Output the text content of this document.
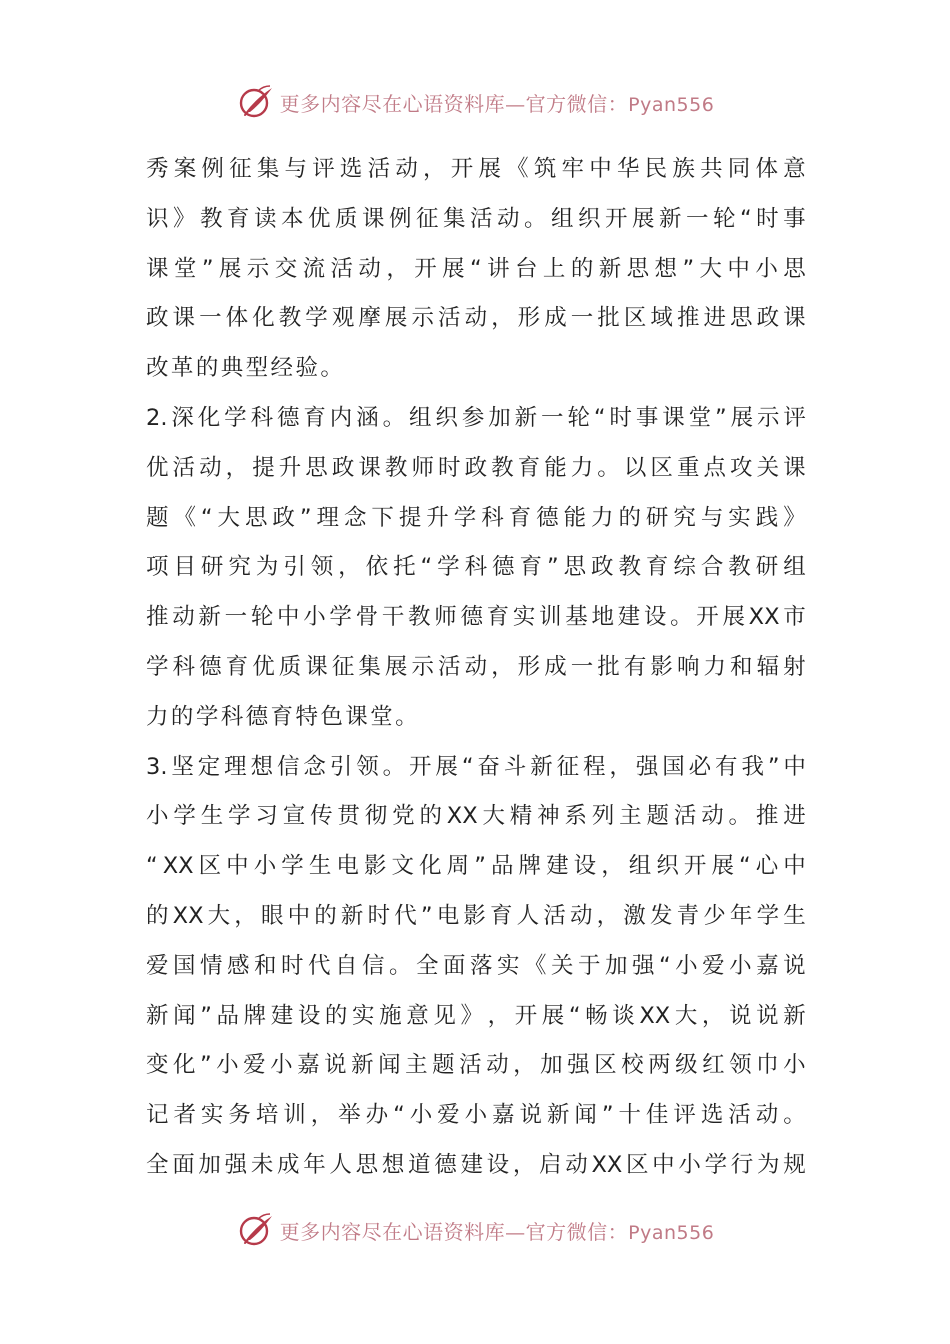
更多内容尽在心语资料库—官方微信：Pyan556
秀 案 例 征 集 与 评 选 活 动 ， 开 展 《 筑 牢 中 华 民 族 共 同 体 意
识 》 教 育 读 本 优 质 课 例 征 集 活 动 。 组 织 开 展 新 一 轮 “ 时 事
课 堂 ” 展 示 交 流 活 动 ， 开 展 “ 讲 台 上 的 新 思 想 ” 大 中 小 思
政 课 一 体 化 教 学 观 摩 展 示 活 动 ， 形 成 一 批 区 域 推 进 思 政 课
改 革 的 典 型 经 验 。
2. 深 化 学 科 德 育 内 涵 。 组 织 参 加 新 一 轮 “ 时 事 课 堂 ” 展 示 评
优 活 动 ， 提 升 思 政 课 教 师 时 政 教 育 能 力 。 以 区 重 点 攻 关 课
题 《 “ 大 思 政 ” 理 念 下 提 升 学 科 育 德 能 力 的 研 究 与 实 践 》
项 目 研 究 为 引 领 ， 依 托 “ 学 科 德 育 ” 思 政 教 育 综 合 教 研 组
推 动 新 一 轮 中 小 学 骨 干 教 师 德 育 实 训 基 地 建 设 。 开 展 XX 市
学 科 德 育 优 质 课 征 集 展 示 活 动 ， 形 成 一 批 有 影 响 力 和 辐 射
力 的 学 科 德 育 特 色 课 堂 。
3. 坚 定 理 想 信 念 引 领 。 开 展 “ 奋 斗 新 征 程 ， 强 国 必 有 我 ” 中
小 学 生 学 习 宣 传 贯 彻 党 的 XX 大 精 神 系 列 主 题 活 动 。 推 进
“ XX 区 中 小 学 生 电 影 文 化 周 ” 品 牌 建 设 ， 组 织 开 展 “ 心 中
的 XX 大 ， 眼 中 的 新 时 代 ” 电 影 育 人 活 动 ， 激 发 青 少 年 学 生
爱 国 情 感 和 时 代 自 信 。 全 面 落 实 《 关 于 加 强 “ 小 爱 小 嘉 说
新 闻 ” 品 牌 建 设 的 实 施 意 见 》 ， 开 展 “ 畅 谈 XX 大 ， 说 说 新
变 化 ” 小 爱 小 嘉 说 新 闻 主 题 活 动 ， 加 强 区 校 两 级 红 领 巾 小
记 者 实 务 培 训 ， 举 办 “ 小 爱 小 嘉 说 新 闻 ” 十 佳 评 选 活 动 。
全 面 加 强 未 成 年 人 思 想 道 德 建 设 ， 启 动 XX 区 中 小 学 行 为 规
更多内容尽在心语资料库—官方微信：Pyan556
